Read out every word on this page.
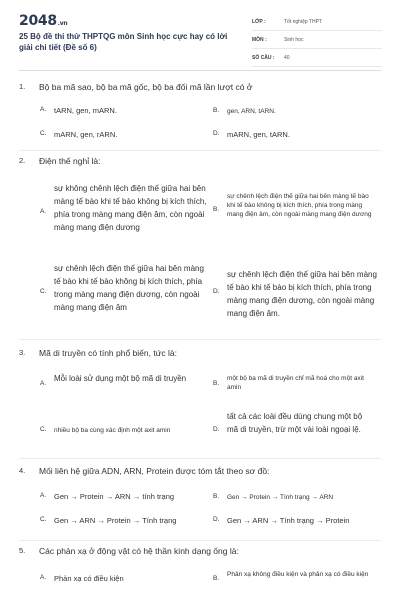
2048.vn
25 Bộ đề thi thử THPTQG môn Sinh học cực hay có lời giải chi tiết (Đề số 6)
LỚP :	Tốt nghiệp THPT
MÔN :	Sinh học
SỐ CÂU : 40
1. Bộ ba mã sao, bộ ba mã gốc, bộ ba đối mã lần lượt có ở
A. tARN, gen, mARN.	B. gen, ARN, tARN.
C. mARN, gen, rARN.	D. mARN, gen, tARN.
2. Điện thế nghỉ là:
A.
sự không chênh lệch điện thế giữa hai bên màng tế bào khi tế bào không bị kích thích, phía trong màng mang điện âm, còn ngoài màng mang điện dương
B.
sự chênh lệch điện thế giữa hai bên màng tế bào khi tế bào không bị kích thích, phía trong màng mang điện âm, còn ngoài màng mang điện dương
C.
sự chênh lệch điện thế giữa hai bên màng tế bào khi tế bào không bị kích thích, phía trong màng mang điện dương, còn ngoài màng mang điện âm
D.
sự chênh lệch điện thế giữa hai bên màng tế bào khi tế bào bị kích thích, phía trong màng mang điện dương, còn ngoài màng mang điện âm.
3. Mã di truyền có tính phổ biến, tức là:
A.
Mỗi loài sử dụng một bộ mã di truyền
B.
một bộ ba mã di truyền chỉ mã hoá cho một axit amin
C. nhiều bộ ba cùng xác định một axit amin	D.
tất cả các loài đều dùng chung một bộ mã di truyền, trừ một vài loài ngoại lệ.
4. Mối liên hệ giữa ADN, ARN, Protein được tóm tắt theo sơ đồ:
A. Gen → Protein → ARN → tính trạng	B. Gen → Protein → Tính trạng → ARN
C. Gen → ARN → Protein → Tính trạng	D. Gen → ARN → Tính trạng → Protein
5. Các phản xạ ở động vật có hệ thần kinh dạng ống là:
A. Phản xạ có điều kiện	B.
Phản xạ không điều kiện và phản xạ có điều kiện
